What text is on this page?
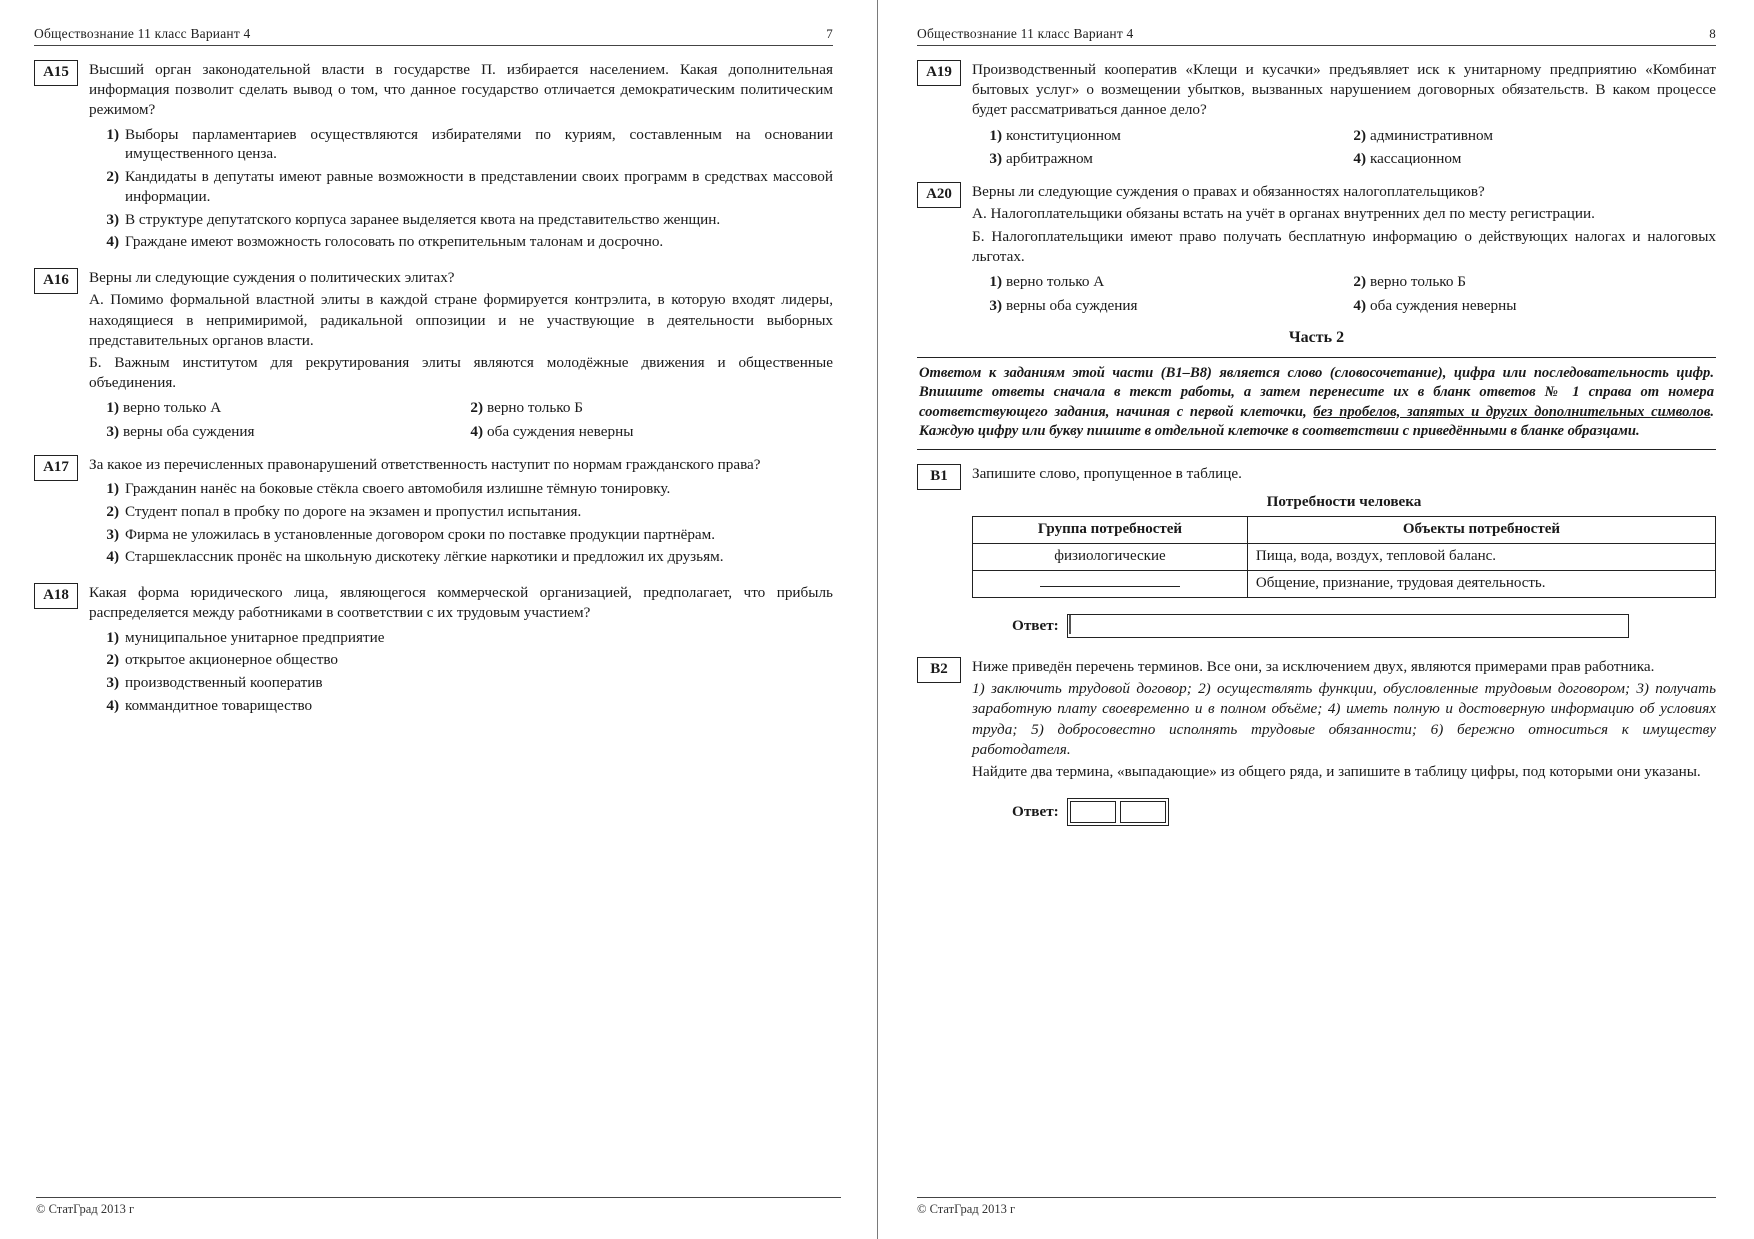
Обществознание 11 класс Вариант 4	7
А15	Высший орган законодательной власти в государстве П. избирается населением. Какая дополнительная информация позволит сделать вывод о том, что данное государство отличается демократическим политическим режимом?

1) Выборы парламентариев осуществляются избирателями по куриям, составленным на основании имущественного ценза.
2) Кандидаты в депутаты имеют равные возможности в представлении своих программ в средствах массовой информации.
3) В структуре депутатского корпуса заранее выделяется квота на представительство женщин.
4) Граждане имеют возможность голосовать по открепительным талонам и досрочно.
А16	Верны ли следующие суждения о политических элитах?

А. Помимо формальной властной элиты в каждой стране формируется контрэлита, в которую входят лидеры, находящиеся в непримиримой, радикальной оппозиции и не участвующие в деятельности выборных представительных органов власти.

Б. Важным институтом для рекрутирования элиты являются молодёжные движения и общественные объединения.

1) верно только А	2) верно только Б
3) верны оба суждения	4) оба суждения неверны
А17	За какое из перечисленных правонарушений ответственность наступит по нормам гражданского права?

1) Гражданин нанёс на боковые стёкла своего автомобиля излишне тёмную тонировку.
2) Студент попал в пробку по дороге на экзамен и пропустил испытания.
3) Фирма не уложилась в установленные договором сроки по поставке продукции партнёрам.
4) Старшеклассник пронёс на школьную дискотеку лёгкие наркотики и предложил их друзьям.
А18	Какая форма юридического лица, являющегося коммерческой организацией, предполагает, что прибыль распределяется между работниками в соответствии с их трудовым участием?

1) муниципальное унитарное предприятие
2) открытое акционерное общество
3) производственный кооператив
4) коммандитное товарищество
© СтатГрад 2013 г
Обществознание 11 класс Вариант 4	8
А19	Производственный кооператив «Клещи и кусачки» предъявляет иск к унитарному предприятию «Комбинат бытовых услуг» о возмещении убытков, вызванных нарушением договорных обязательств. В каком процессе будет рассматриваться данное дело?

1) конституционном	2) административном
3) арбитражном	4) кассационном
А20	Верны ли следующие суждения о правах и обязанностях налогоплательщиков?

А. Налогоплательщики обязаны встать на учёт в органах внутренних дел по месту регистрации.

Б. Налогоплательщики имеют право получать бесплатную информацию о действующих налогах и налоговых льготах.

1) верно только А	2) верно только Б
3) верны оба суждения	4) оба суждения неверны
Часть 2
Ответом к заданиям этой части (В1–В8) является слово (словосочетание), цифра или последовательность цифр. Впишите ответы сначала в текст работы, а затем перенесите их в бланк ответов № 1 справа от номера соответствующего задания, начиная с первой клеточки, без пробелов, запятых и других дополнительных символов. Каждую цифру или букву пишите в отдельной клеточке в соответствии с приведёнными в бланке образцами.
В1	Запишите слово, пропущенное в таблице.

Потребности человека
Группа потребностей	Объекты потребностей
физиологические	Пища, вода, воздух, тепловой баланс.
	Общение, признание, трудовая деятельность.
Ответ:
В2	Ниже приведён перечень терминов. Все они, за исключением двух, являются примерами прав работника.

1) заключить трудовой договор; 2) осуществлять функции, обусловленные трудовым договором; 3) получать заработную плату своевременно и в полном объёме; 4) иметь полную и достоверную информацию об условиях труда; 5) добросовестно исполнять трудовые обязанности; 6) бережно относиться к имуществу работодателя.

Найдите два термина, «выпадающие» из общего ряда, и запишите в таблицу цифры, под которыми они указаны.

Ответ:
© СтатГрад 2013 г
